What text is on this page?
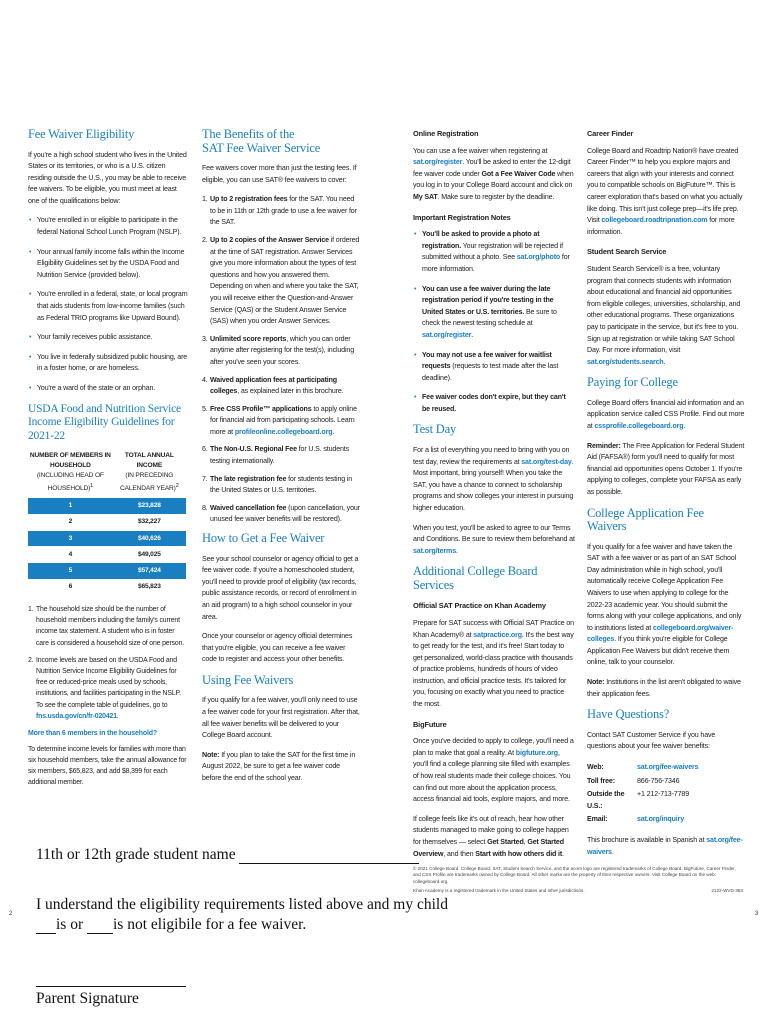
Fee Waiver Eligibility

If you're a high school student who lives in the United States or its territories, or who is a U.S. citizen residing outside the U.S., you may be able to receive fee waivers. To be eligible, you must meet at least one of the qualifications below:

• You're enrolled in or eligible to participate in the federal National School Lunch Program (NSLP).
• Your annual family income falls within the Income Eligibility Guidelines set by the USDA Food and Nutrition Service (provided below).
• You're enrolled in a federal, state, or local program that aids students from low-income families (such as Federal TRIO programs like Upward Bound).
• Your family receives public assistance.
• You live in federally subsidized public housing, are in a foster home, or are homeless.
• You're a ward of the state or an orphan.
USDA Food and Nutrition Service Income Eligibility Guidelines for 2021-22
NUMBER OF MEMBERS IN HOUSEHOLD
(INCLUDING HEAD OF HOUSEHOLD)$^1$	TOTAL ANNUAL INCOME
(IN PRECEDING CALENDAR YEAR)$^2$
1	$23,828
2	$32,227
3	$40,626
4	$49,025
5	$57,424
6	$65,823
1. The household size should be the number of household members including the family's current income tax statement. A student who is in foster care is considered a household size of one person.
2. Income levels are based on the USDA Food and Nutrition Service Income Eligibility Guidelines for free or reduced-price meals used by schools, institutions, and facilities participating in the NSLP. To see the complete table of guidelines, go to fns.usda.gov/cn/fr-020421.
More than 6 members in the household?

To determine income levels for families with more than six household members, take the annual allowance for six members, $65,823, and add $8,399 for each additional member.

The Benefits of the
SAT Fee Waiver Service

Fee waivers cover more than just the testing fees. If eligible, you can use SAT® fee waivers to cover:

1. Up to 2 registration fees for the SAT. You need to be in 11th or 12th grade to use a fee waiver for the SAT.
2. Up to 2 copies of the Answer Service if ordered at the time of SAT registration. Answer Services give you more information about the types of test questions and how you answered them. Depending on when and where you take the SAT, you will receive either the Question-and-Answer Service (QAS) or the Student Answer Service (SAS) when you order Answer Services.
3. Unlimited score reports, which you can order anytime after registering for the test(s), including after you've seen your scores.
4. Waived application fees at participating colleges, as explained later in this brochure.
5. Free CSS Profile™ applications to apply online for financial aid from participating schools. Learn more at profileonline.collegeboard.org.
6. The Non-U.S. Regional Fee for U.S. students testing internationally.
7. The late registration fee for students testing in the United States or U.S. territories.
8. Waived cancellation fee (upon cancellation, your unused fee waiver benefits will be restored).
How to Get a Fee Waiver

See your school counselor or agency official to get a fee waiver code. If you're a homeschooled student, you'll need to provide proof of eligibility (tax records, public assistance records, or record of enrollment in an aid program) to a high school counselor in your area.

Once your counselor or agency official determines that you're eligible, you can receive a fee waiver code to register and access your other benefits.

Using Fee Waivers

If you qualify for a fee waiver, you'll only need to use a fee waiver code for your first registration. After that, all fee waiver benefits will be delivered to your College Board account.

Note: If you plan to take the SAT for the first time in August 2022, be sure to get a fee waiver code before the end of the school year.

Online Registration

You can use a fee waiver when registering at sat.org/register. You'll be asked to enter the 12-digit fee waiver code under Got a Fee Waiver Code when you log in to your College Board account and click on My SAT. Make sure to register by the deadline.

Important Registration Notes
• You'll be asked to provide a photo at registration. Your registration will be rejected if submitted without a photo. See sat.org/photo for more information.
• You can use a fee waiver during the late registration period if you're testing in the United States or U.S. territories. Be sure to check the newest testing schedule at sat.org/register.
• You may not use a fee waiver for waitlist requests (requests to test made after the last deadline).
• Fee waiver codes don't expire, but they can't be reused.
Test Day

For a list of everything you need to bring with you on test day, review the requirements at sat.org/test-day. Most important, bring yourself! When you take the SAT, you have a chance to connect to scholarship programs and show colleges your interest in pursuing higher education.

When you test, you'll be asked to agree to our Terms and Conditions. Be sure to review them beforehand at sat.org/terms.

Additional College Board Services
Official SAT Practice on Khan Academy

Prepare for SAT success with Official SAT Practice on Khan Academy® at satpractice.org. It's the best way to get ready for the test, and it's free! Start today to get personalized, world-class practice with thousands of practice problems, hundreds of hours of video instruction, and official practice tests. It's tailored for you, focusing on exactly what you need to practice the most.

BigFuture

Once you've decided to apply to college, you'll need a plan to make that goal a reality. At bigfuture.org, you'll find a college planning site filled with examples of how real students made their college choices. You can find out more about the application process, access financial aid tools, explore majors, and more.

If college feels like it's out of reach, hear how other students managed to make going to college happen for themselves — select Get Started, Get Started Overview, and then Start with how others did it.

Career Finder

College Board and Roadtrip Nation® have created Career Finder™ to help you explore majors and careers that align with your interests and connect you to compatible schools on BigFuture™. This is career exploration that's based on what you actually like doing. This isn't just college prep—it's life prep. Visit collegeboard.roadtripnation.com for more information.

Student Search Service

Student Search Service® is a free, voluntary program that connects students with information about educational and financial aid opportunities from eligible colleges, universities, scholarship, and other educational programs. These organizations pay to participate in the service, but it's free to you. Sign up at registration or while taking SAT School Day. For more information, visit sat.org/students.search.

Paying for College

College Board offers financial aid information and an application service called CSS Profile. Find out more at cssprofile.collegeboard.org.

Reminder: The Free Application for Federal Student Aid (FAFSA®) form you'll need to qualify for most financial aid opportunities opens October 1. If you're applying to colleges, complete your FAFSA as early as possible.

College Application Fee Waivers

If you qualify for a fee waiver and have taken the SAT with a fee waiver or as part of an SAT School Day administration while in high school, you'll automatically receive College Application Fee Waivers to use when applying to college for the 2022-23 academic year. You should submit the forms along with your college applications, and only to institutions listed at collegeboard.org/waiver-colleges. If you think you're eligible for College Application Fee Waivers but didn't receive them online, talk to your counselor.

Note: Institutions in the list aren't obligated to waive their application fees.

Have Questions?

Contact SAT Customer Service if you have questions about your fee waiver benefits:

Web:	sat.org/fee-waivers
Toll free:	866-756-7346
Outside the U.S.:	+1 212-713-7789
Email:	sat.org/inquiry

This brochure is available in Spanish at sat.org/fee-waivers.

© 2021 College Board. College Board, SAT, Student Search Service, and the acorn logo are registered trademarks of College Board. BigFuture, Career Finder, and CSS Profile are trademarks owned by College Board. All other marks are the property of their respective owners. Visit College Board on the web: collegeboard.org.
Khan Academy is a registered trademark in the United States and other jurisdictions.	2122-WVD-383
2	3
11th or 12th grade student name
I understand the eligibility requirements listed above and my child
is or is not eligibile for a fee waiver.
Parent Signature
